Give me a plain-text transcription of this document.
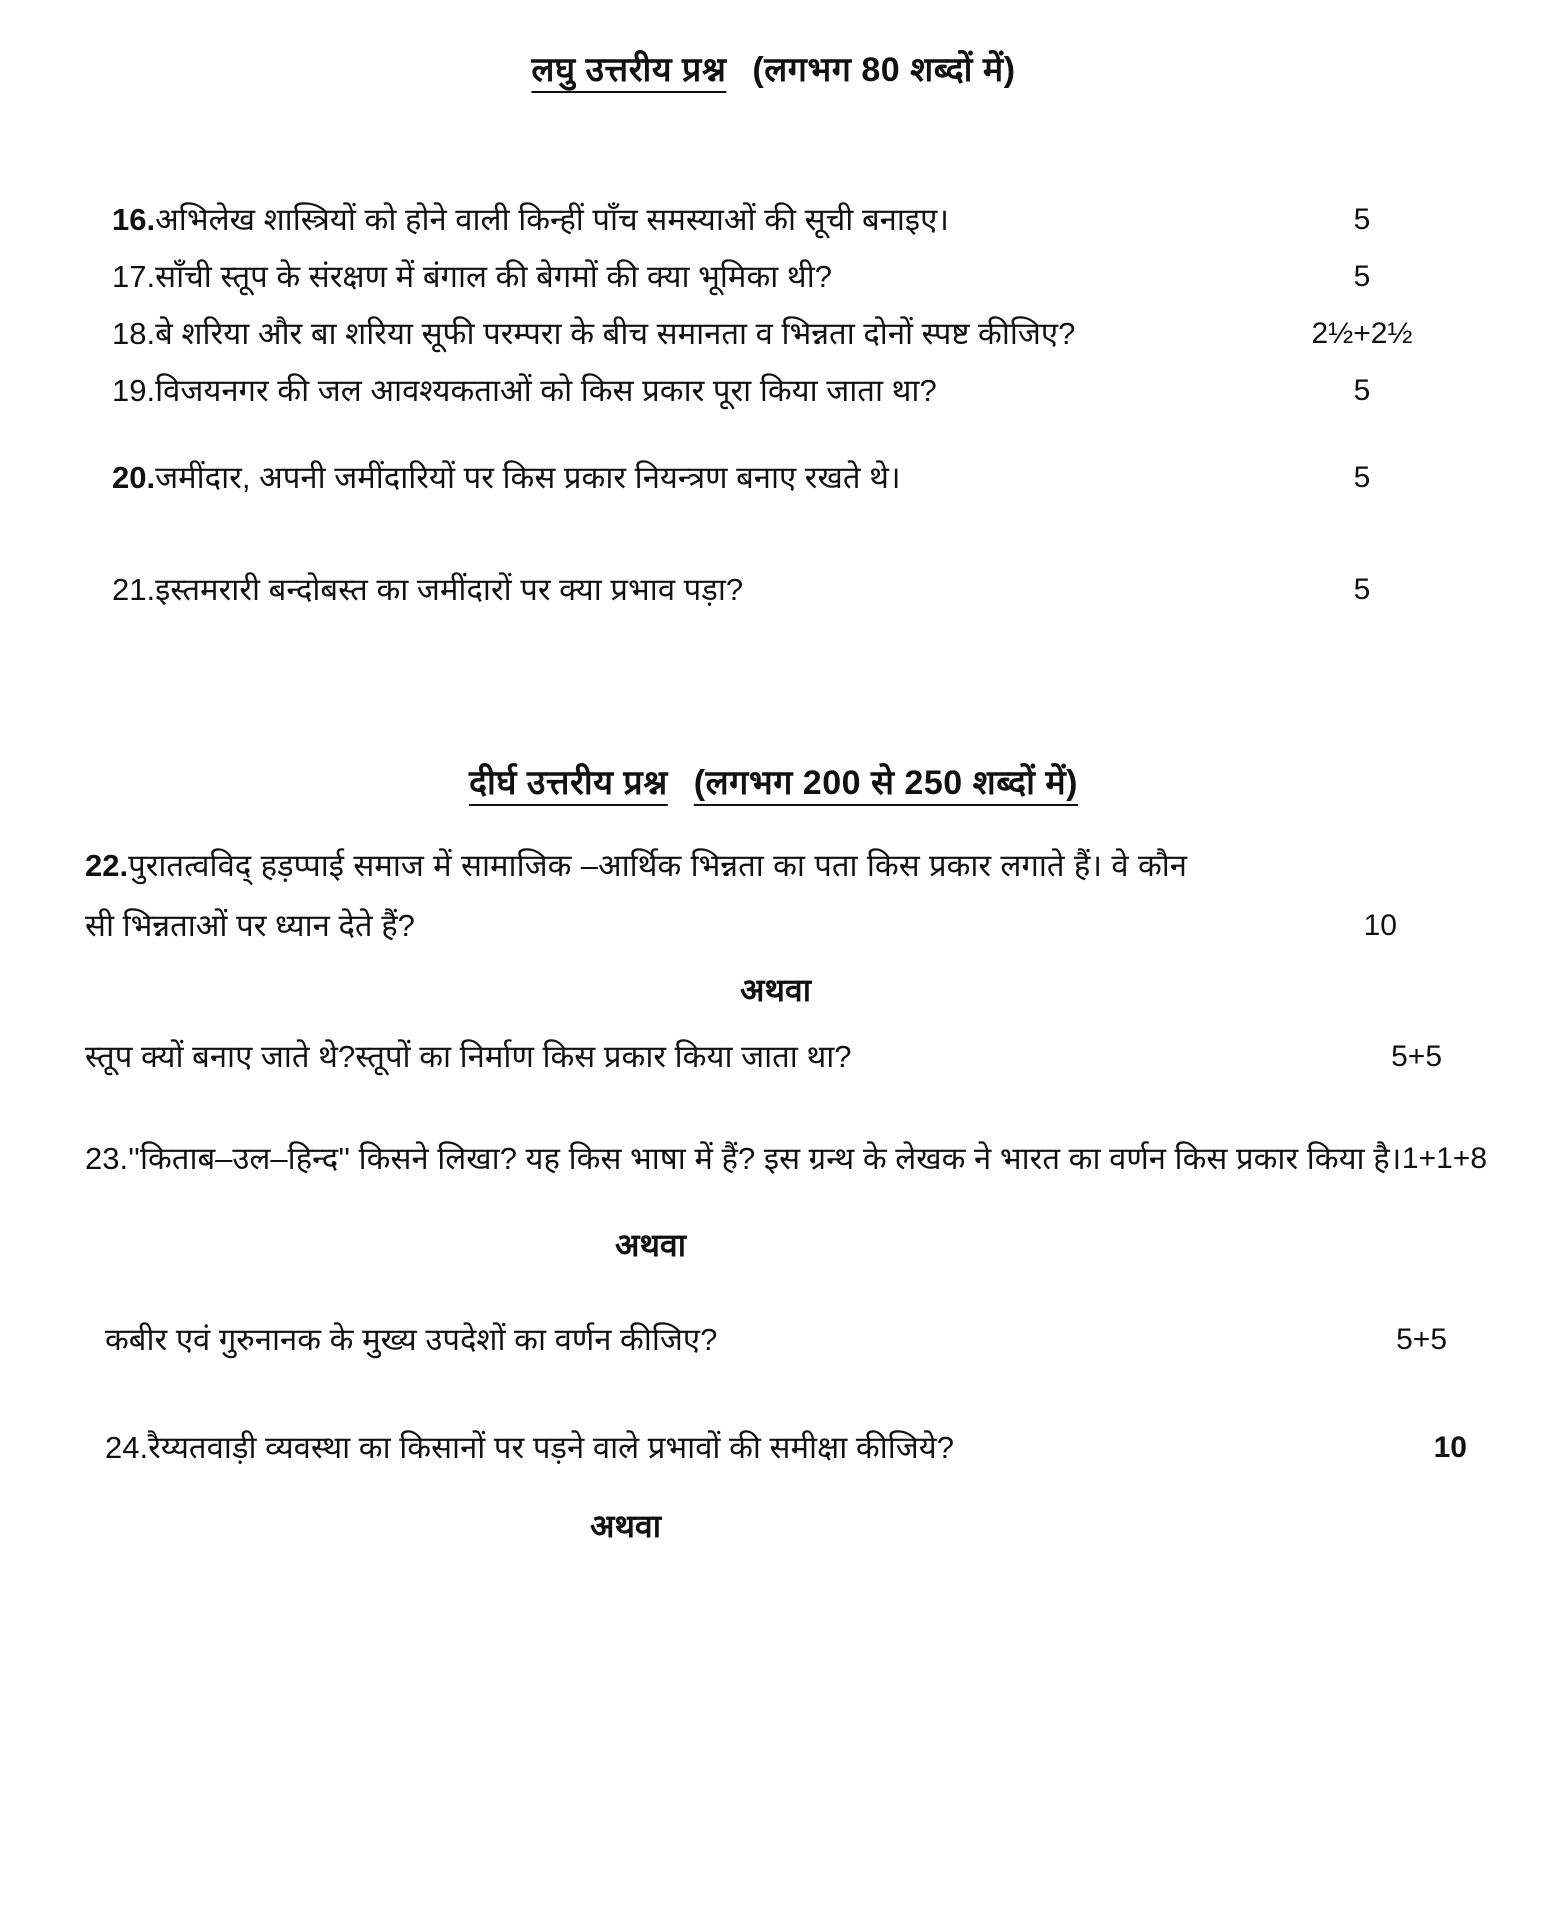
लघु उत्तरीय प्रश्न (लगभग 80 शब्दों में)
16.अभिलेख शास्त्रियों को होने वाली किन्हीं पाँच समस्याओं की सूची बनाइए।	5
17.साँची स्तूप के संरक्षण में बंगाल की बेगमों की क्या भूमिका थी?	5
18.बे शरिया और बा शरिया सूफी परम्परा के बीच समानता व भिन्नता दोनों स्पष्ट कीजिए?	2½+2½
19.विजयनगर की जल आवश्यकताओं को किस प्रकार पूरा किया जाता था?	5
20.जमींदार, अपनी जमींदारियों पर किस प्रकार नियन्त्रण बनाए रखते थे।	5
21.इस्तमरारी बन्दोबस्त का जमींदारों पर क्या प्रभाव पड़ा?	5
दीर्घ उत्तरीय प्रश्न (लगभग 200 से 250 शब्दों में)
22.पुरातत्वविद् हड़प्पाई समाज में सामाजिक –आर्थिक भिन्नता का पता किस प्रकार लगाते हैं। वे कौन सी भिन्नताओं पर ध्यान देते हैं?	10
अथवा
स्तूप क्यों बनाए जाते थे?स्तूपों का निर्माण किस प्रकार किया जाता था?	5+5
23.''किताब–उल–हिन्द'' किसने लिखा? यह किस भाषा में हैं? इस ग्रन्थ के लेखक ने भारत का वर्णन किस प्रकार किया है। 1+1+8
अथवा
कबीर एवं गुरुनानक के मुख्य उपदेशों का वर्णन कीजिए?	5+5
24.रैय्यतवाड़ी व्यवस्था का किसानों पर पड़ने वाले प्रभावों की समीक्षा कीजिये?	10
अथवा
